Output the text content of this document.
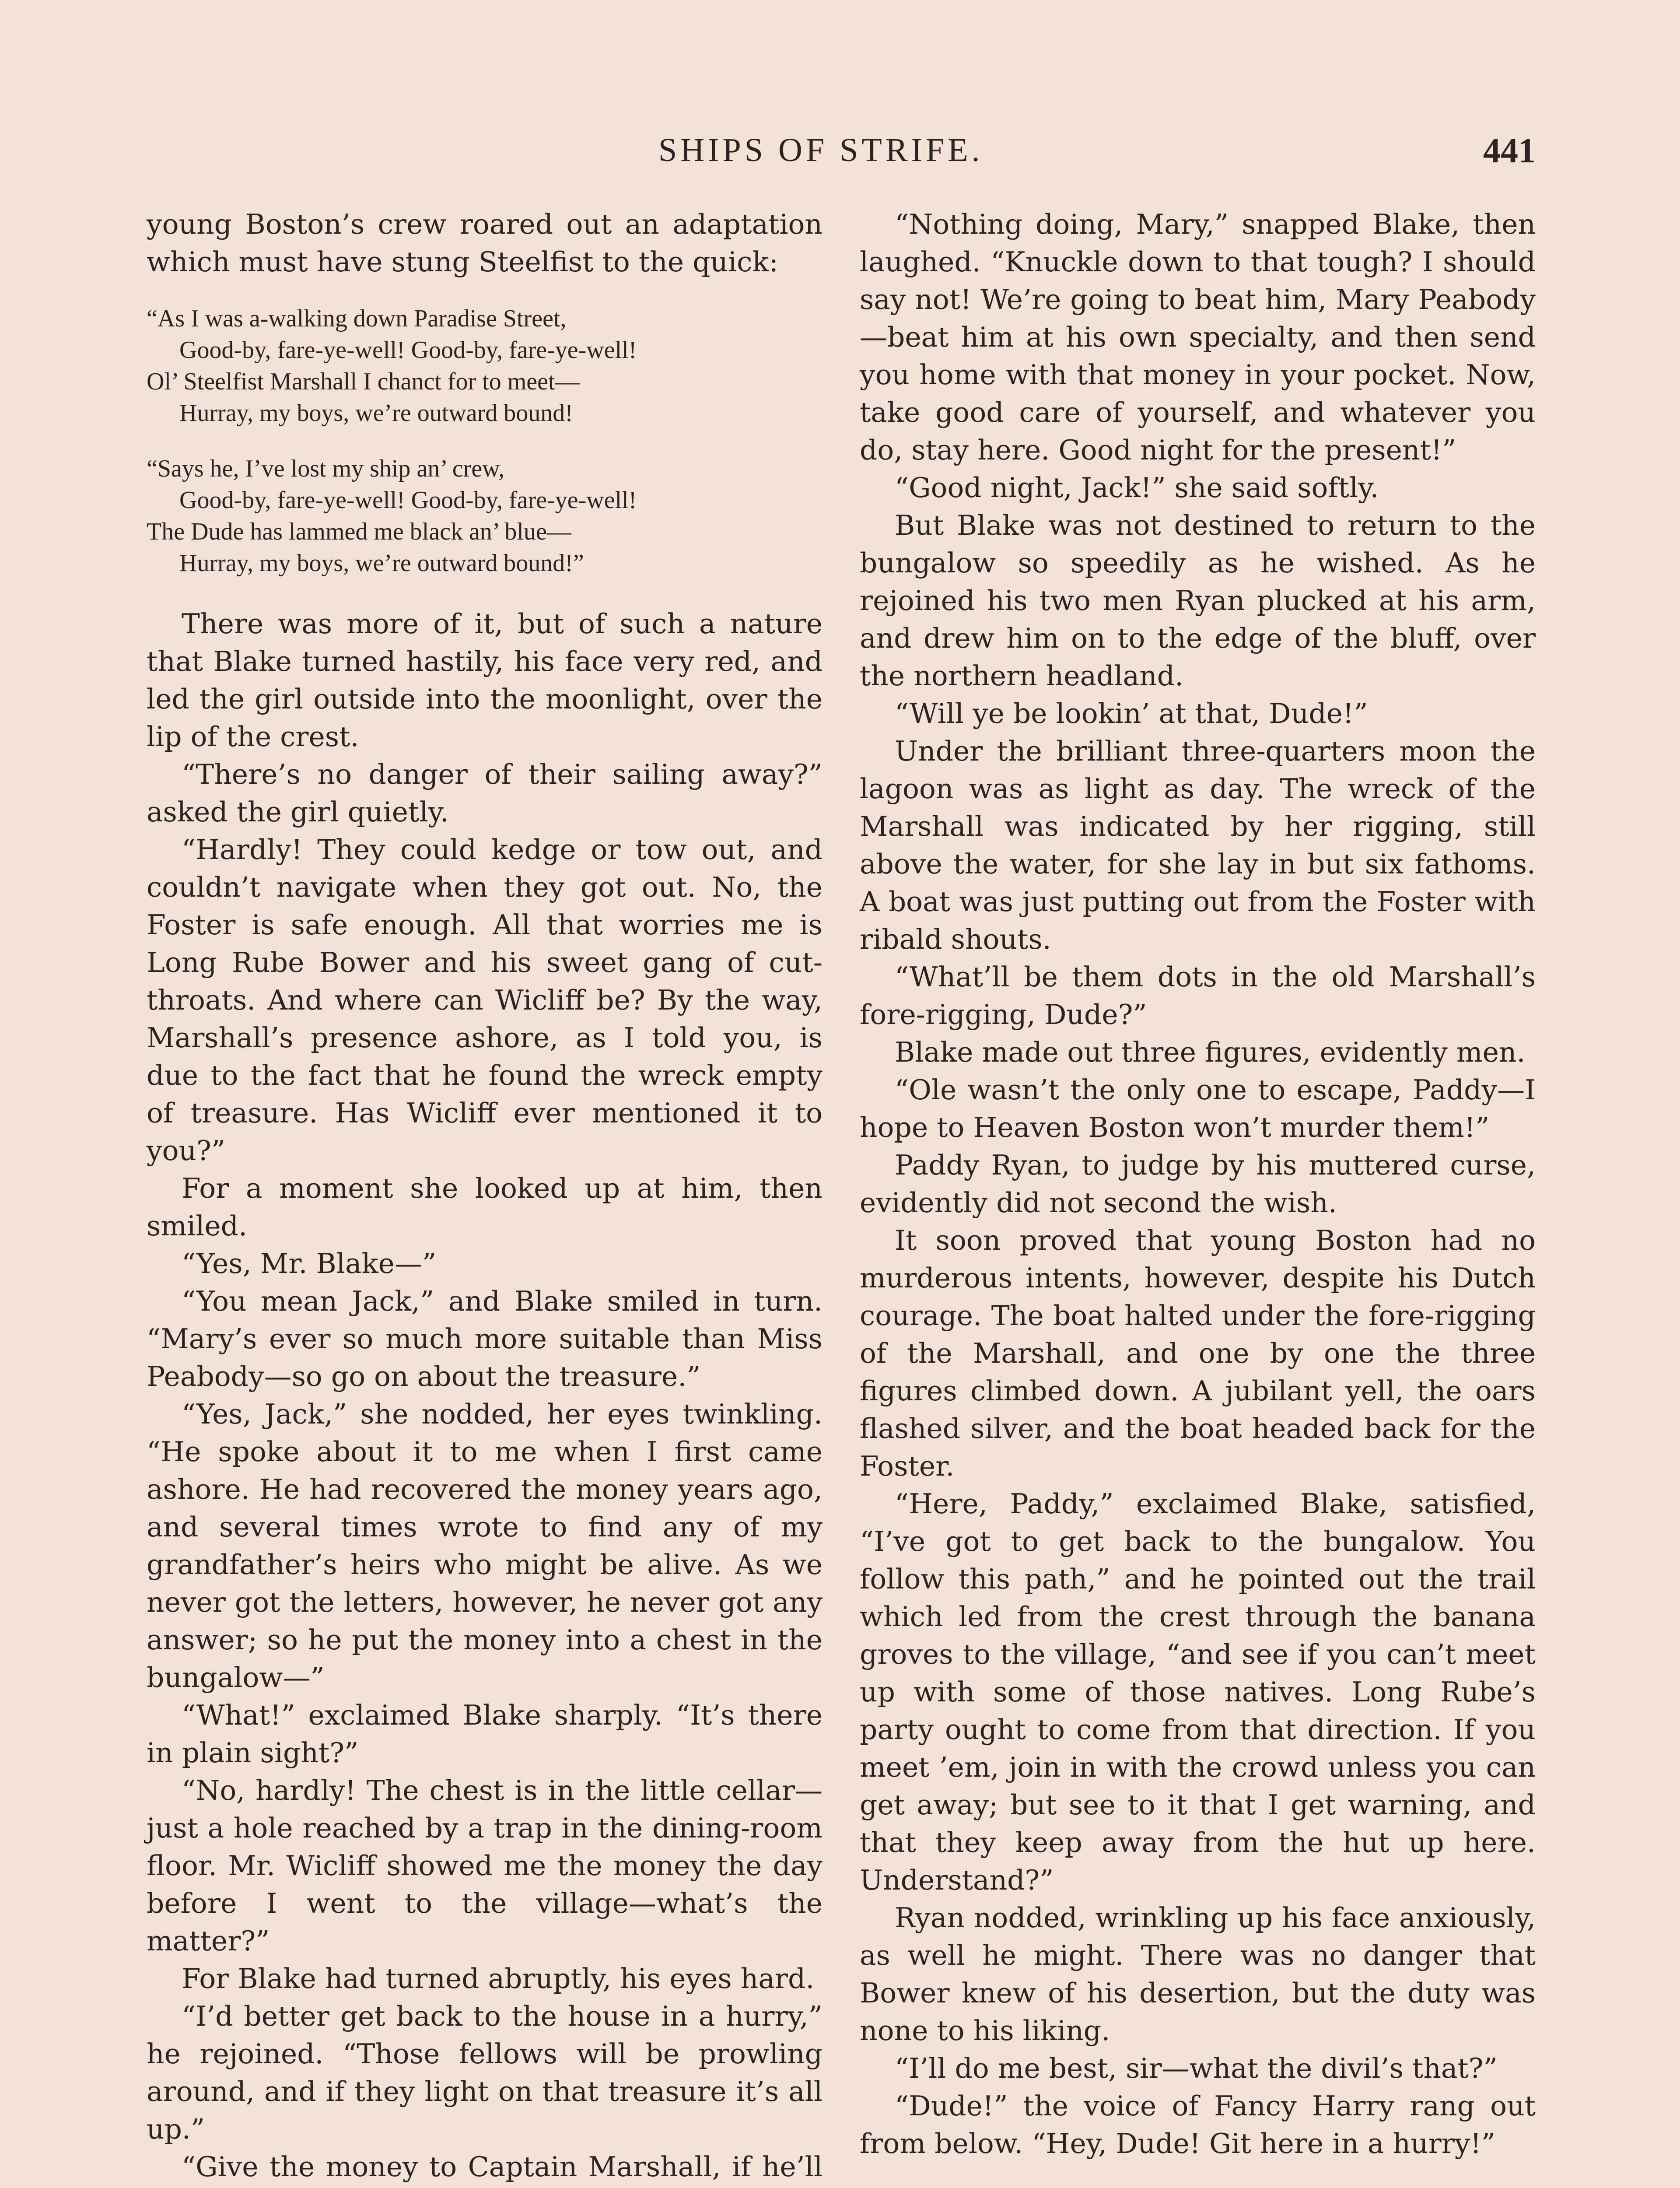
SHIPS OF STRIFE.	441

young Boston’s crew roared out an adaptation which must have stung Steelfist to the quick:

“As I was a-walking down Paradise Street,
Good-by, fare-ye-well! Good-by, fare-ye-well!
Ol’ Steelfist Marshall I chanct for to meet—
Hurray, my boys, we’re outward bound!
“Says he, I’ve lost my ship an’ crew,
Good-by, fare-ye-well! Good-by, fare-ye-well!
The Dude has lammed me black an’ blue—
Hurray, my boys, we’re outward bound!”

There was more of it, but of such a nature that Blake turned hastily, his face very red, and led the girl outside into the moonlight, over the lip of the crest.

“There’s no danger of their sailing away?” asked the girl quietly.

“Hardly! They could kedge or tow out, and couldn’t navigate when they got out. No, the Foster is safe enough. All that worries me is Long Rube Bower and his sweet gang of cut-throats. And where can Wicliff be? By the way, Marshall’s presence ashore, as I told you, is due to the fact that he found the wreck empty of treasure. Has Wicliff ever mentioned it to you?”

For a moment she looked up at him, then smiled.

“Yes, Mr. Blake—”

“You mean Jack,” and Blake smiled in turn. “Mary’s ever so much more suitable than Miss Peabody—so go on about the treasure.”

“Yes, Jack,” she nodded, her eyes twinkling. “He spoke about it to me when I first came ashore. He had recovered the money years ago, and several times wrote to find any of my grandfather’s heirs who might be alive. As we never got the letters, however, he never got any answer; so he put the money into a chest in the bungalow—”

“What!” exclaimed Blake sharply. “It’s there in plain sight?”

“No, hardly! The chest is in the little cellar—just a hole reached by a trap in the dining-room floor. Mr. Wicliff showed me the money the day before I went to the village—what’s the matter?”

For Blake had turned abruptly, his eyes hard.

“I’d better get back to the house in a hurry,” he rejoined. “Those fellows will be prowling around, and if they light on that treasure it’s all up.”

“Give the money to Captain Marshall, if he’ll

“Nothing doing, Mary,” snapped Blake, then laughed. “Knuckle down to that tough? I should say not! We’re going to beat him, Mary Peabody—beat him at his own specialty, and then send you home with that money in your pocket. Now, take good care of yourself, and whatever you do, stay here. Good night for the present!”

“Good night, Jack!” she said softly.

But Blake was not destined to return to the bungalow so speedily as he wished. As he rejoined his two men Ryan plucked at his arm, and drew him on to the edge of the bluff, over the northern headland.

“Will ye be lookin’ at that, Dude!”

Under the brilliant three-quarters moon the lagoon was as light as day. The wreck of the Marshall was indicated by her rigging, still above the water, for she lay in but six fathoms. A boat was just putting out from the Foster with ribald shouts.

“What’ll be them dots in the old Marshall’s fore-rigging, Dude?”

Blake made out three figures, evidently men.

“Ole wasn’t the only one to escape, Paddy—I hope to Heaven Boston won’t murder them!”

Paddy Ryan, to judge by his muttered curse, evidently did not second the wish.

It soon proved that young Boston had no murderous intents, however, despite his Dutch courage. The boat halted under the fore-rigging of the Marshall, and one by one the three figures climbed down. A jubilant yell, the oars flashed silver, and the boat headed back for the Foster.

“Here, Paddy,” exclaimed Blake, satisfied, “I’ve got to get back to the bungalow. You follow this path,” and he pointed out the trail which led from the crest through the banana groves to the village, “and see if you can’t meet up with some of those natives. Long Rube’s party ought to come from that direction. If you meet ’em, join in with the crowd unless you can get away; but see to it that I get warning, and that they keep away from the hut up here. Understand?”

Ryan nodded, wrinkling up his face anxiously, as well he might. There was no danger that Bower knew of his desertion, but the duty was none to his liking.

“I’ll do me best, sir—what the divil’s that?”

“Dude!” the voice of Fancy Harry rang out from below. “Hey, Dude! Git here in a hurry!”
